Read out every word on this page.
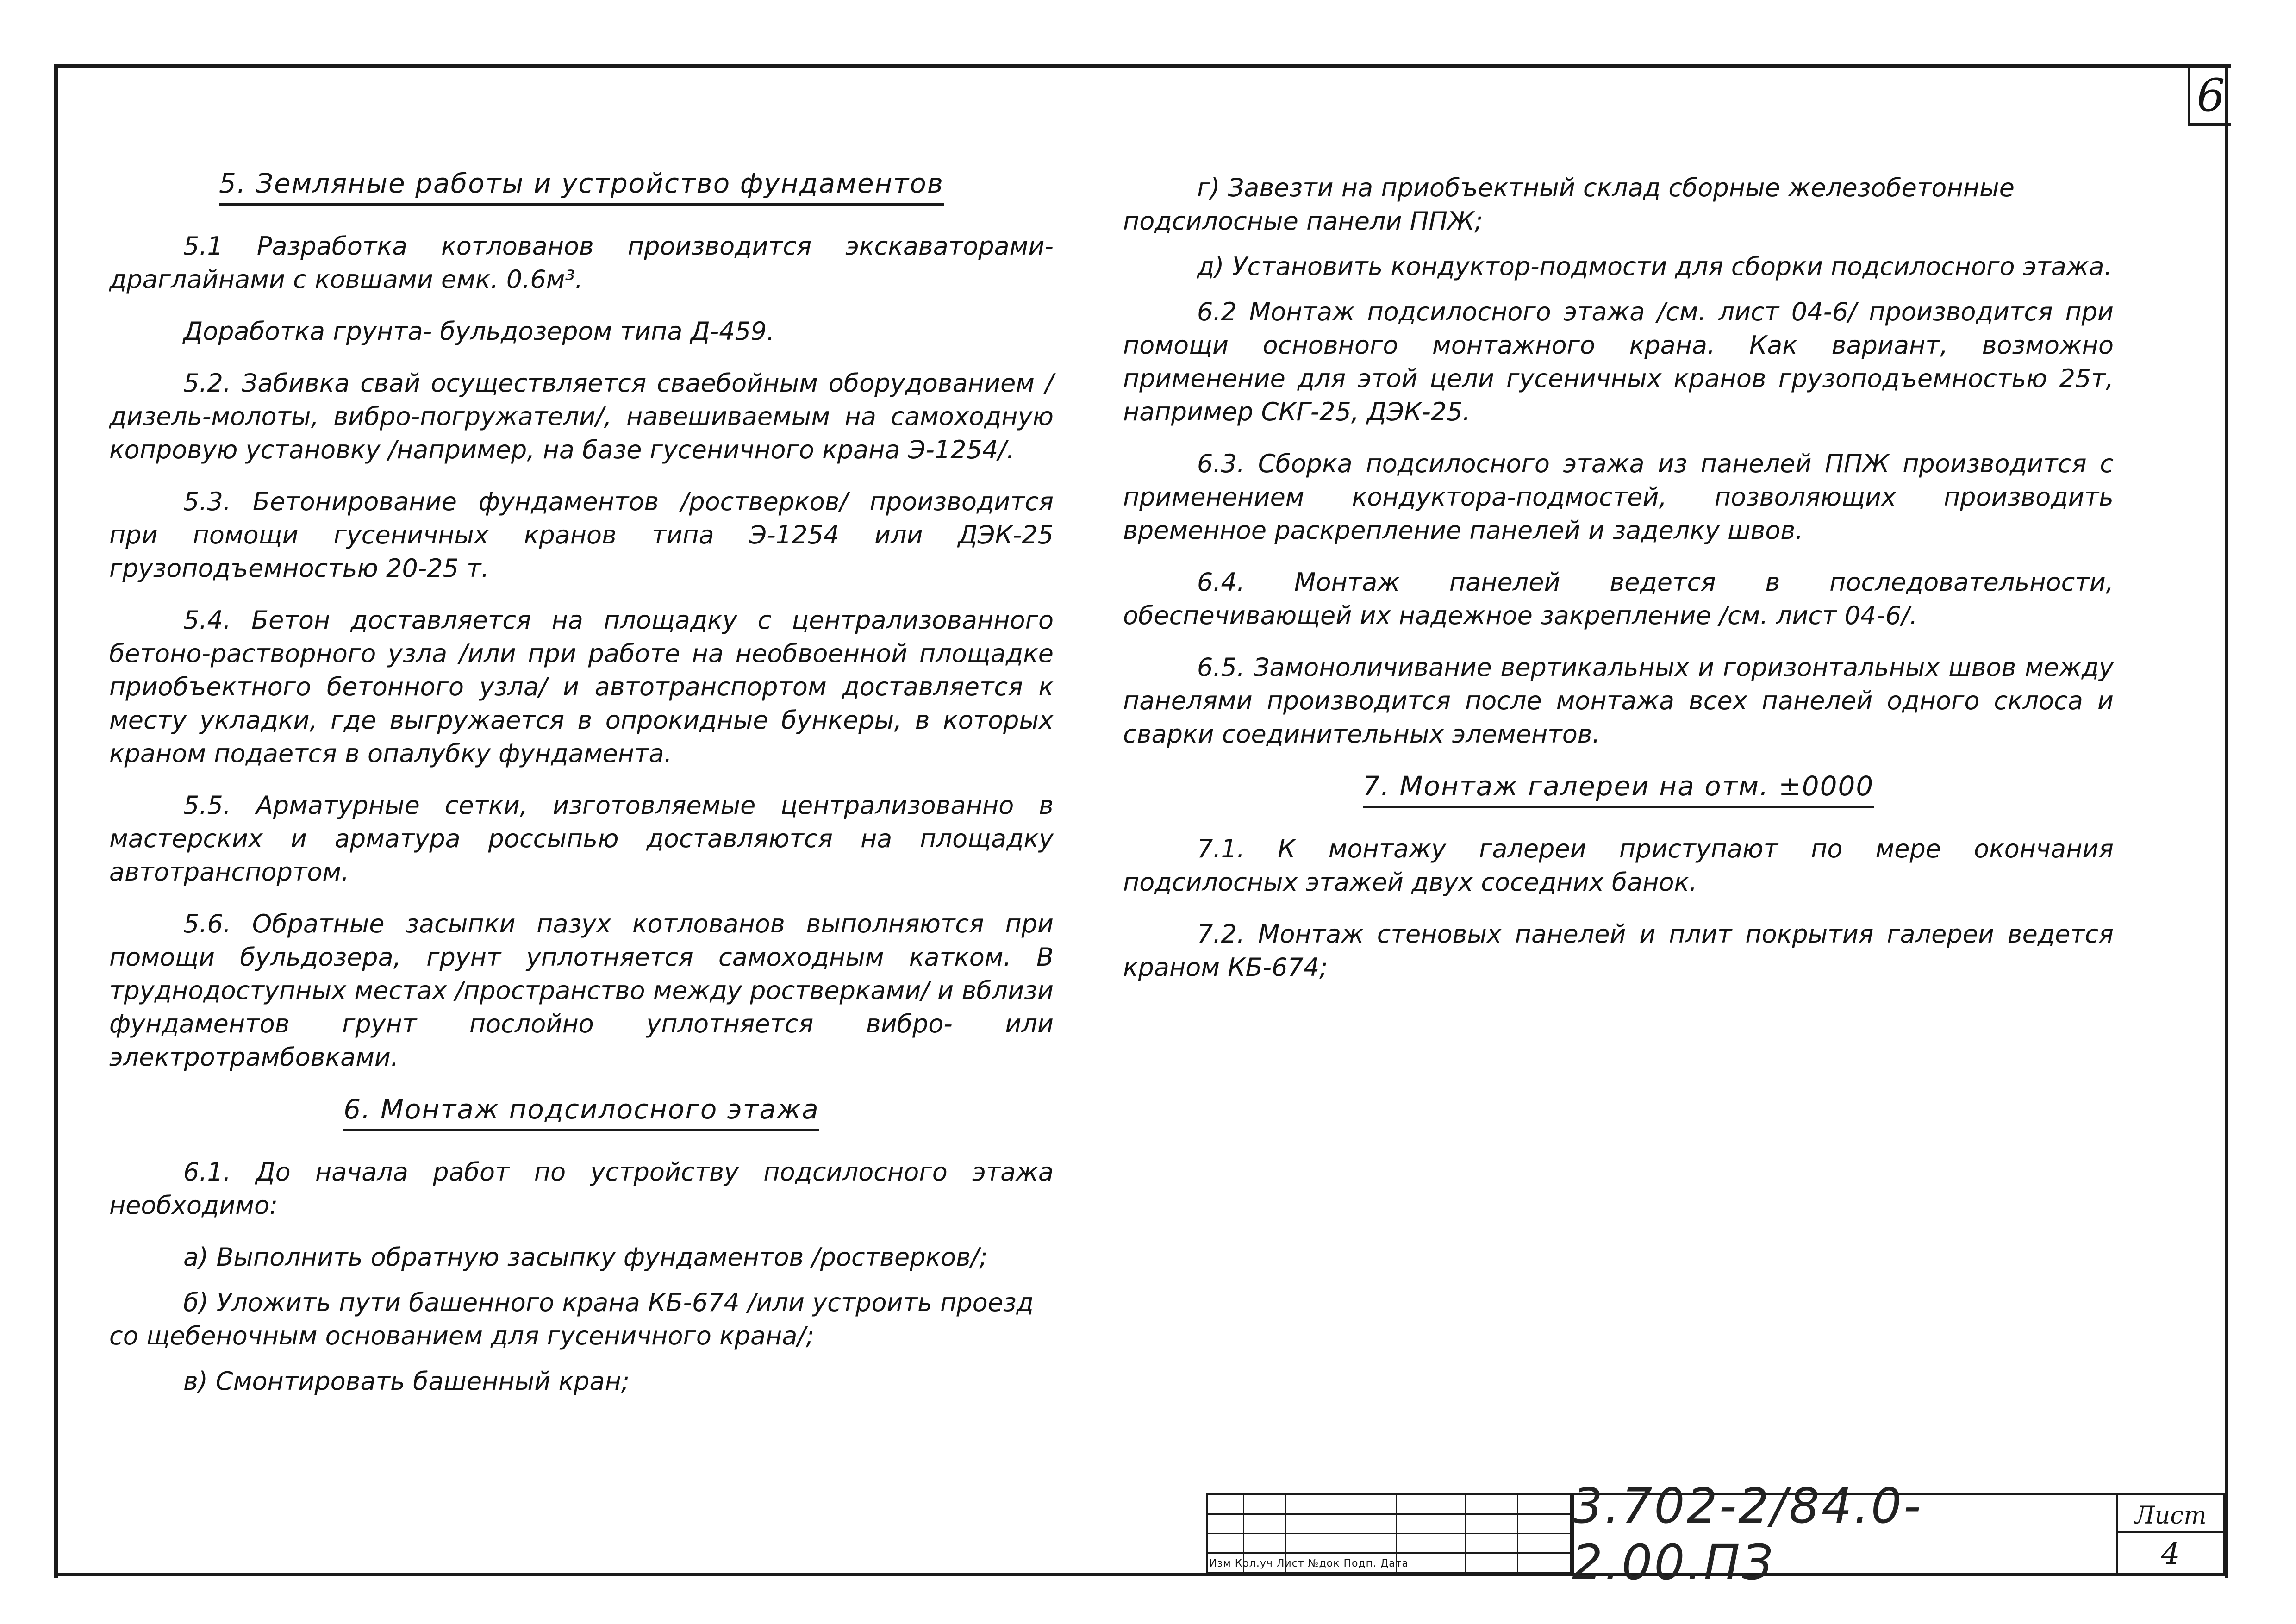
6
5. Земляные работы и устройство фундаментов

5.1 Разработка котлованов производится экскаваторами-драглайнами с ковшами емк. 0.6м³.

Доработка грунта- бульдозером типа Д-459.

5.2. Забивка свай осуществляется сваебойным оборудованием /дизель-молоты, вибро-погружатели/, навешиваемым на самоходную копровую установку /например, на базе гусеничного крана Э-1254/.

5.3. Бетонирование фундаментов /ростверков/ производится при помощи гусеничных кранов типа Э-1254 или ДЭК-25 грузоподъемностью 20-25 т.

5.4. Бетон доставляется на площадку с централизованного бетоно-растворного узла /или при работе на необвоенной площадке приобъектного бетонного узла/ и автотранспортом доставляется к месту укладки, где выгружается в опрокидные бункеры, в которых краном подается в опалубку фундамента.

5.5. Арматурные сетки, изготовляемые централизованно в мастерских и арматура россыпью доставляются на площадку автотранспортом.

5.6. Обратные засыпки пазух котлованов выполняются при помощи бульдозера, грунт уплотняется самоходным катком. В труднодоступных местах /пространство между ростверками/ и вблизи фундаментов грунт послойно уплотняется вибро- или электротрамбовками.

6. Монтаж подсилосного этажа

6.1. До начала работ по устройству подсилосного этажа необходимо:

а) Выполнить обратную засыпку фундаментов /ростверков/;

б) Уложить пути башенного крана КБ-674 /или устроить проезд со щебеночным основанием для гусеничного крана/;

в) Смонтировать башенный кран;

г) Завезти на приобъектный склад сборные железобетонные подсилосные панели ППЖ;

д) Установить кондуктор-подмости для сборки подсилосного этажа.

6.2 Монтаж подсилосного этажа /см. лист 04-6/ производится при помощи основного монтажного крана. Как вариант, возможно применение для этой цели гусеничных кранов грузоподъемностью 25т, например СКГ-25, ДЭК-25.

6.3. Сборка подсилосного этажа из панелей ППЖ производится с применением кондуктора-подмостей, позволяющих производить временное раскрепление панелей и заделку швов.

6.4. Монтаж панелей ведется в последовательности, обеспечивающей их надежное закрепление /см. лист 04-6/.

6.5. Замоноличивание вертикальных и горизонтальных швов между панелями производится после монтажа всех панелей одного склоса и сварки соединительных элементов.

7. Монтаж галереи на отм. ±0000

7.1. К монтажу галереи приступают по мере окончания подсилосных этажей двух соседних банок.

7.2. Монтаж стеновых панелей и плит покрытия галереи ведется краном КБ-674;

Изм Кол.уч Лист №док Подп. Дата
3.702-2/84.0-2.00.ПЗ
Лист
4
